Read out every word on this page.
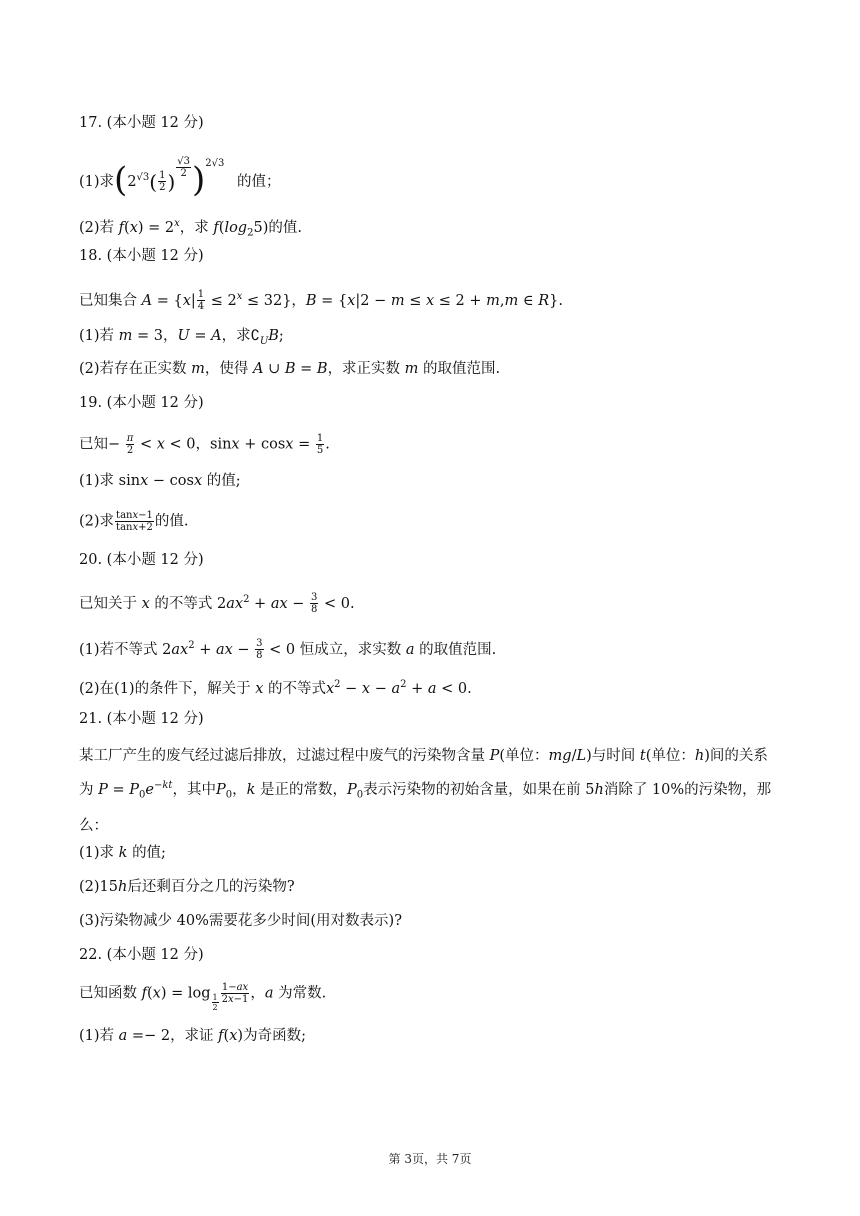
17. (本小题 12 分)
(1)求($2^{√3}( \frac{1}{2}$ )
$^{\frac{√3}{2}}$ )$^{2√3}$ 的值；
(2)若 $f(x) = 2^x$，求 $f(\log_25)$的值.
18. (本小题 12 分)
已知集合 $A = \{x| \frac{1}{4} \le 2^x \le 32\}$，B = {x|2 − m ≤ x ≤ 2 + m,m ∈ R}.
(1)若 m = 3，U = A，求$∁_UB$;
(2)若存在正实数 m，使得 A ∪ B = B，求正实数 m 的取值范围.
19. (本小题 12 分)
已知− $\frac{\pi}{2} < x < 0$，$\sin x + \cos x = \frac{1}{5}$ .
(1)求 sinx − cosx 的值;
(2)求 $\frac{\tan x-1}{\tan x+2}$ 的值.
20. (本小题 12 分)
已知关于 x 的不等式 $2ax^2$ + ax − $\frac{3}{8} < 0$.
(1)若不等式 $2ax^2$ + ax − $\frac{3}{8} < 0$ 恒成立，求实数 a 的取值范围.
(2)在(1)的条件下，解关于 x 的不等式$x^2 - x - a^2 + a < 0$.
21. (本小题 12 分)
某工厂产生的废气经过滤后排放，过滤过程中废气的污染物含量 P(单位：mg/L)与时间 t(单位：h)间的关系为 $P = P_0e^{-kt}$，其中$P_0$，k 是正的常数，$P_0$表示污染物的初始含量，如果在前 5h消除了 10%的污染物，那么：
(1)求 k 的值;
(2)15h后还剩百分之几的污染物?
(3)污染物减少 40%需要花多少时间(用对数表示)?
22. (本小题 12 分)
已知函数 $f(x) = \log _{\frac{1}{2}} \frac{1-ax}{2x-1}$ ，a 为常数.
(1)若 a =− 2，求证 f(x)为奇函数;
第 3页，共 7页
